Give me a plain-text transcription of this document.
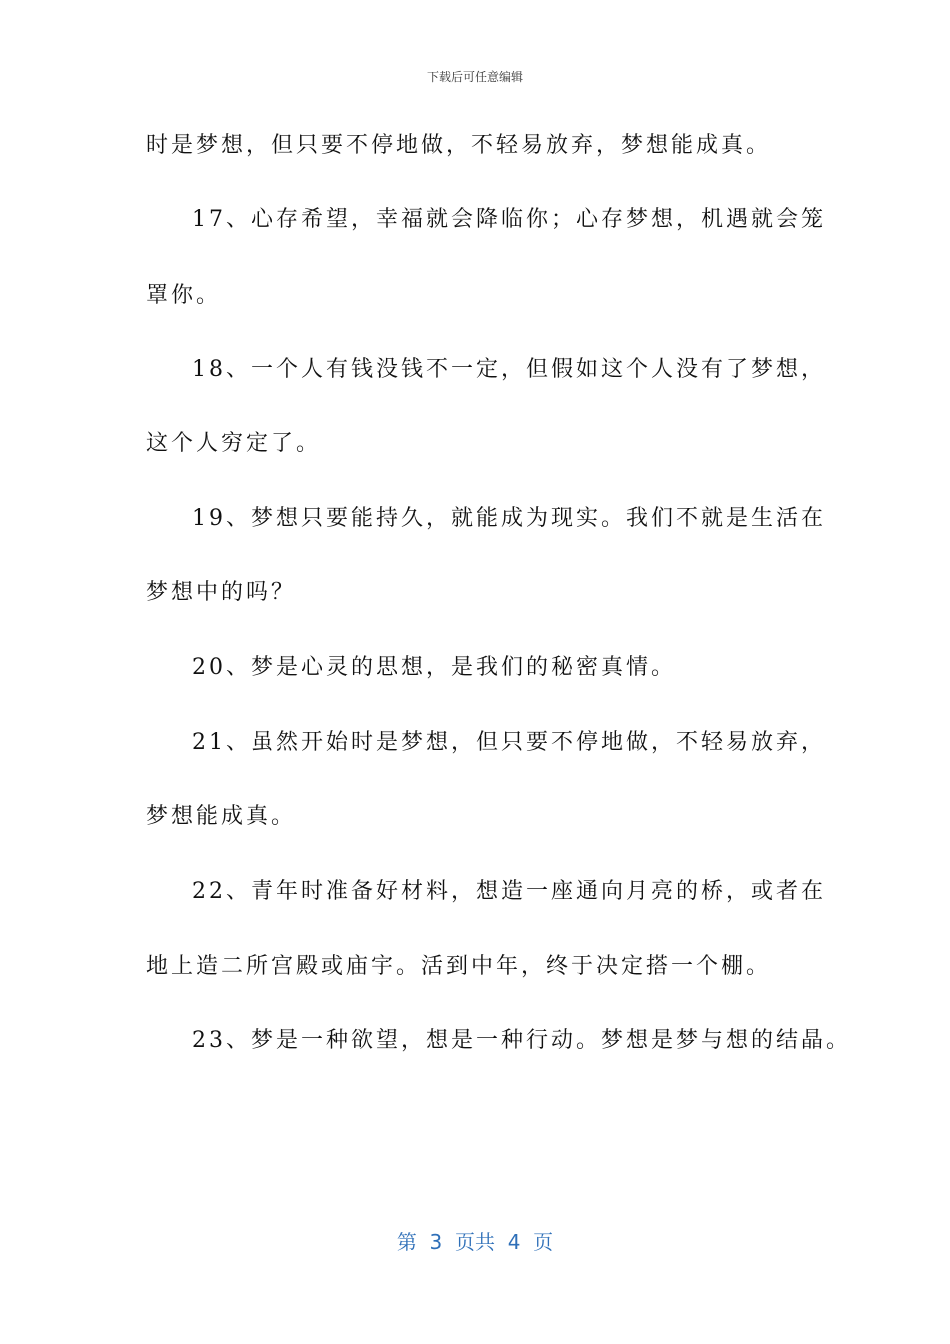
下载后可任意编辑
时是梦想，但只要不停地做，不轻易放弃，梦想能成真。
17、心存希望，幸福就会降临你；心存梦想，机遇就会笼
罩你。
18、一个人有钱没钱不一定，但假如这个人没有了梦想，
这个人穷定了。
19、梦想只要能持久，就能成为现实。我们不就是生活在
梦想中的吗？
20、梦是心灵的思想，是我们的秘密真情。
21、虽然开始时是梦想，但只要不停地做，不轻易放弃，
梦想能成真。
22、青年时准备好材料，想造一座通向月亮的桥，或者在
地上造二所宫殿或庙宇。活到中年，终于决定搭一个棚。
23、梦是一种欲望，想是一种行动。梦想是梦与想的结晶。
第  3  页共  4  页
